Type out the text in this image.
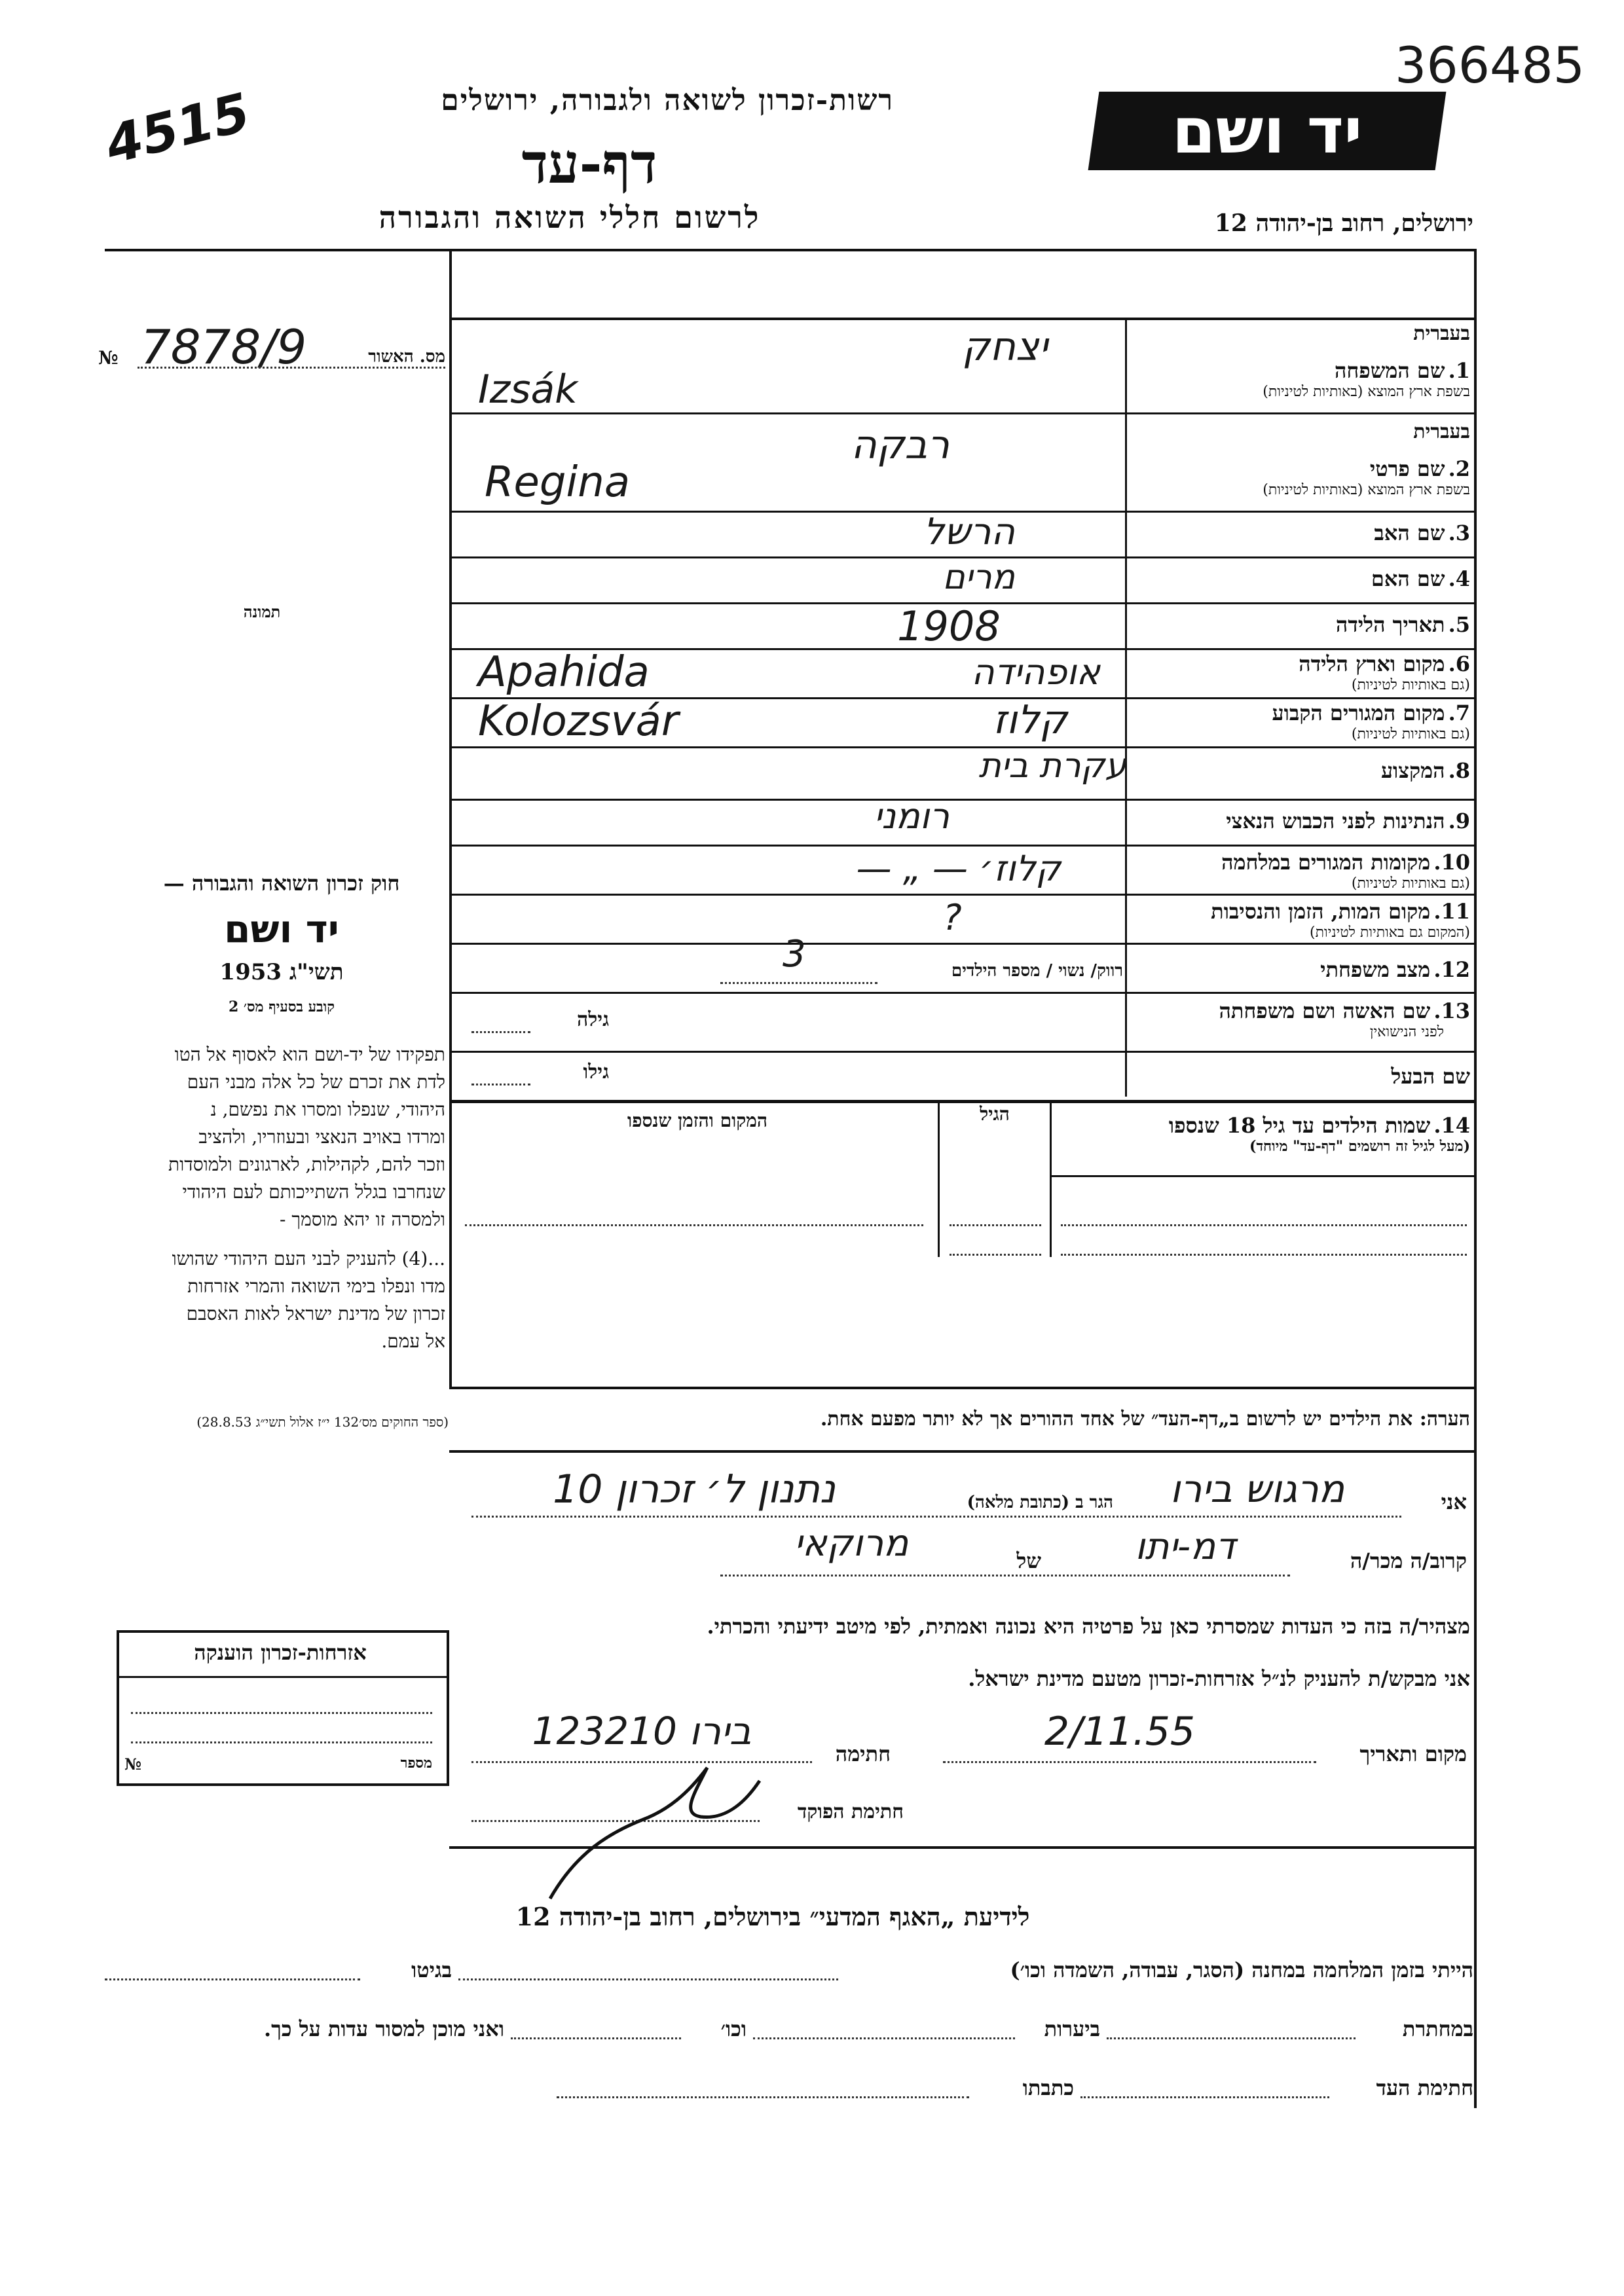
רשות-זכרון לשואה ולגבורה, ירושלים
4515	דף-עד
לרשום חללי השואה והגבורה
יד ושם
366485
ירושלים, רחוב בן-יהודה 12
№ 7878/9	מס. האשור
תמונה
בעברית
1. שם המשפחה
בשפת ארץ המוצא (באותיות לטיניות)
יצחק
Izsák
בעברית
2. שם פרטי
בשפת ארץ המוצא (באותיות לטיניות)
רבקה
Regina
3. שם האב
הרשל
4. שם האם
מרים
5. תאריך הלידה
1908
6. מקום וארץ הלידה
(גם באותיות לטיניות)
אופהידה
Apahida
7. מקום המגורים הקבוע
(גם באותיות לטיניות)
קלוז
Kolozsvár
8. המקצוע
עקרת בית
9. הנתינות לפני הכבוש הנאצי
רומני
10. מקומות המגורים במלחמה
(גם באותיות לטיניות)
קלוז׳ — „ —
11. מקום המות, הזמן והנסיבות
(המקום גם באותיות לטיניות)
?
12. מצב משפחתי
רווק/ נשוי / מספר הילדים
3
13. שם האשה ושם משפחתה
לפני הנישואין
גילה
שם הבעל
גילו
14. שמות הילדים עד גיל 18 שנספו
(מעל לגיל זה רושמים "דף-עד" מיוחד)
הגיל
המקום והזמן שנספו
חוק זכרון השואה והגבורה —
יד ושם
תשי"ג 1953
קובע בסעיף מס׳ 2
תפקידו של יד-ושם הוא לאסוף אל הטו
לדת את זכרם של כל אלה מבני העם
היהודי, שנפלו ומסרו את נפשם, נ
ומרדו באויב הנאצי ובעוזריו, ולהציב
וזכר להם, לקהילות, לארגונים ולמוסדות
שנחרבו בגלל השתייכותם לעם היהודי
ולמסרה זו יהא מוסמך -
...(4) להעניק לבני העם היהודי שהושו
מדו ונפלו בימי השואה והמרי אזרחות
זכרון של מדינת ישראל לאות האסבם
אל עמם.
(ספר החוקים מס׳132 י״ז אלול תשי״ג 28.8.53)	הערה: את הילדים יש לרשום ב„דף-העד״ של אחד ההורים אך לא יותר מפעם אחת.
אני
מרגוש בירו
הגר ב (כתובת מלאה)
נתנון ל׳ זכרון 10
קרוב/ה מכר/ה
דמ-יתו
של
מרוקאי
מצהיר/ה בזה כי העדות שמסרתי כאן על פרטיה היא נכונה ואמתית, לפי מיטב ידיעתי והכרתי.
אני מבקש/ת להעניק לנ״ל אזרחות-זכרון מטעם מדינת ישראל.
מקום ותאריך
2/11.55
חתימה
בירו 123210
חתימת הפוקד
אזרחות-זכרון הוענקה
№	מספר
לידיעת „האגף המדעי״ בירושלים, רחוב בן-יהודה 12
הייתי בזמן המלחמה במחנה (הסגר, עבודה, השמדה וכו׳)
בגיטו
במחתרת
ביערות
וכו׳
ואני מוכן למסור עדות על כך.
חתימת העד
כתבתו
